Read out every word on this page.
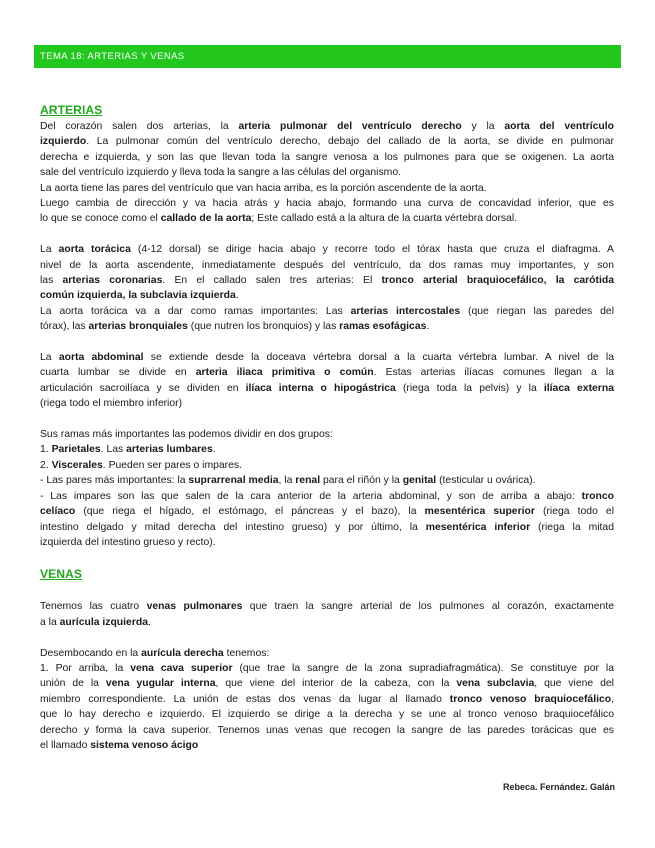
TEMA 18: ARTERIAS Y VENAS
ARTERIAS
Del corazón salen dos arterias, la arteria pulmonar del ventrículo derecho y la aorta del ventrículo
izquierdo. La pulmonar común del ventrículo derecho, debajo del callado de la aorta, se divide en pulmonar
derecha e izquierda, y son las que llevan toda la sangre venosa a los pulmones para que se oxigenen. La aorta
sale del ventrículo izquierdo y lleva toda la sangre a las células del organismo.
La aorta tiene las pares del ventrículo que van hacia arriba, es la porción ascendente de la aorta.
Luego cambia de dirección y va hacia atrás y hacia abajo, formando una curva de concavidad inferior, que es
lo que se conoce como el callado de la aorta; Este callado está a la altura de la cuarta vértebra dorsal.
La aorta torácica (4-12 dorsal) se dirige hacia abajo y recorre todo el tórax hasta que cruza el diafragma. A
nivel de la aorta ascendente, inmediatamente después del ventrículo, da dos ramas muy importantes, y son
las arterias coronarias. En el callado salen tres arterias: El tronco arterial braquiocefálico, la carótida
común izquierda, la subclavia izquierda.
La aorta torácica va a dar como ramas importantes: Las arterias intercostales (que riegan las paredes del
tórax), las arterias bronquiales (que nutren los bronquios) y las ramas esofágicas.
La aorta abdominal se extiende desde la doceava vértebra dorsal a la cuarta vértebra lumbar. A nivel de la
cuarta lumbar se divide en arteria iliaca primitiva o común. Estas arterias ilíacas comunes llegan a la
articulación sacroilíaca y se dividen en ilíaca interna o hipogástrica (riega toda la pelvis) y la ilíaca externa
(riega todo el miembro inferior)
Sus ramas más importantes las podemos dividir en dos grupos:
1. Parietales. Las arterias lumbares.
2. Viscerales. Pueden ser pares o impares.
- Las pares más importantes: la suprarrenal media, la renal para el riñón y la genital (testicular u ovárica).
- Las impares son las que salen de la cara anterior de la arteria abdominal, y son de arriba a abajo: tronco
celíaco (que riega el hígado, el estómago, el páncreas y el bazo), la mesentérica superior (riega todo el
intestino delgado y mitad derecha del intestino grueso) y por último, la mesentérica inferior (riega la mitad
izquierda del intestino grueso y recto).
VENAS
Tenemos las cuatro venas pulmonares que traen la sangre arterial de los pulmones al corazón, exactamente
a la aurícula izquierda.
Desembocando en la aurícula derecha tenemos:
1. Por arriba, la vena cava superior (que trae la sangre de la zona supradiafragmática). Se constituye por la
unión de la vena yugular interna, que viene del interior de la cabeza, con la vena subclavia, que viene del
miembro correspondiente. La unión de estas dos venas da lugar al llamado tronco venoso braquiocefálico,
que lo hay derecho e izquierdo. El izquierdo se dirige a la derecha y se une al tronco venoso braquiocefálico
derecho y forma la cava superior. Tenemos unas venas que recogen la sangre de las paredes torácicas que es
el llamado sistema venoso ácigo
Rebeca. Fernández. Galán
